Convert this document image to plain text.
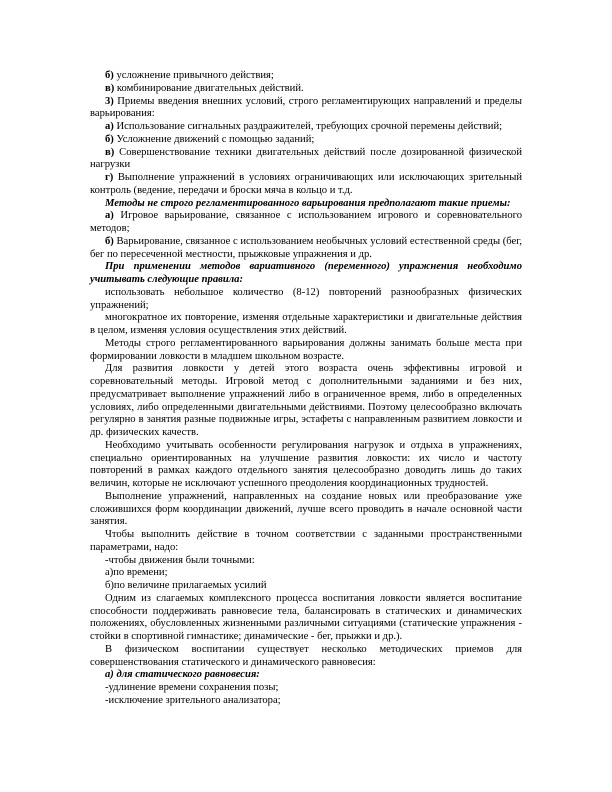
б) усложнение привычного действия;

в) комбинирование двигательных действий.

3) Приемы введения внешних условий, строго регламентирующих направлений и пределы варьирования:

а) Использование сигнальных раздражителей, требующих срочной перемены действий;

б) Усложнение движений с помощью заданий;

в) Совершенствование техники двигательных действий после дозированной физической нагрузки

г) Выполнение упражнений в условиях ограничивающих или исключающих зрительный контроль (ведение, передачи и броски мяча в кольцо и т.д.

Методы не строго регламентированного варьирования предполагают такие приемы:

а) Игровое варьирование, связанное с использованием игрового и соревновательного методов;

б) Варьирование, связанное с использованием необычных условий естественной среды (бег, бег по пересеченной местности, прыжковые упражнения и др.

При применении методов вариативного (переменного) упражнения необходимо учитывать следующие правила:

использовать небольшое количество (8-12) повторений разнообразных физических упражнений;

многократное их повторение, изменяя отдельные характеристики и двигательные действия в целом, изменяя условия осуществления этих действий.

Методы строго регламентированного варьирования должны занимать больше места при формировании ловкости в младшем школьном возрасте.

Для развития ловкости у детей этого возраста очень эффективны игровой и соревновательный методы. Игровой метод с дополнительными заданиями и без них, предусматривает выполнение упражнений либо в ограниченное время, либо в определенных условиях, либо определенными двигательными действиями. Поэтому целесообразно включать регулярно в занятия разные подвижные игры, эстафеты с направленным развитием ловкости и др. физических качеств.

Необходимо учитывать особенности регулирования нагрузок и отдыха в упражнениях, специально ориентированных на улучшение развития ловкости: их число и частоту повторений в рамках каждого отдельного занятия целесообразно доводить лишь до таких величин, которые не исключают успешного преодоления координационных трудностей.

Выполнение упражнений, направленных на создание новых или преобразование уже сложившихся форм координации движений, лучше всего проводить в начале основной части занятия.

Чтобы выполнить действие в точном соответствии с заданными пространственными параметрами, надо:

-чтобы движения были точными:

а)по времени;

б)по величине прилагаемых усилий

Одним из слагаемых комплексного процесса воспитания ловкости является воспитание способности поддерживать равновесие тела, балансировать в статических и динамических положениях, обусловленных жизненными различными ситуациями (статические упражнения - стойки в спортивной гимнастике; динамические - бег, прыжки и др.).

В физическом воспитании существует несколько методических приемов для совершенствования статического и динамического равновесия:

а) для статического равновесия:

-удлинение времени сохранения позы;

-исключение зрительного анализатора;
